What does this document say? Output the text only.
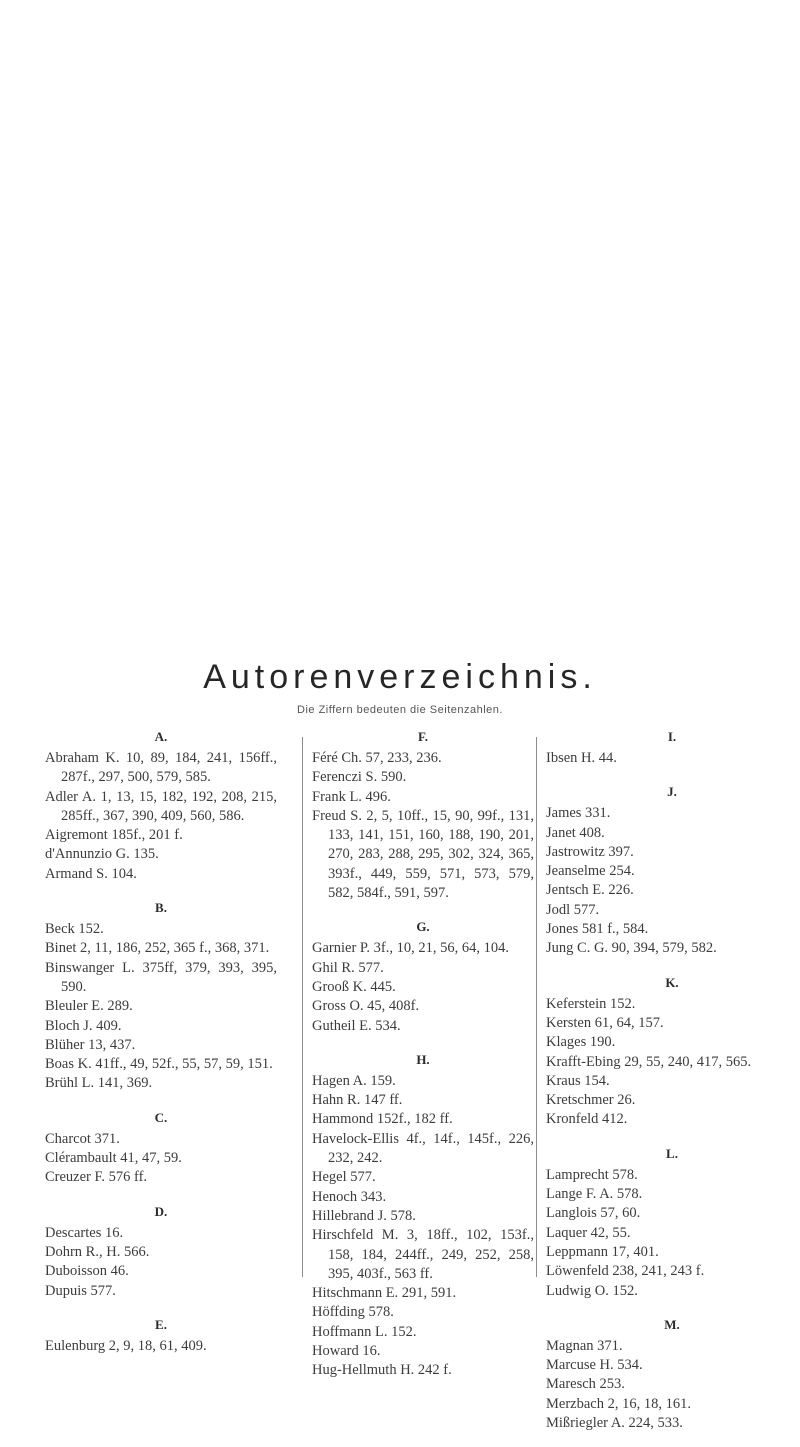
Autorenverzeichnis.
Die Ziffern bedeuten die Seitenzahlen.
A.
Abraham K. 10, 89, 184, 241, 156ff., 287f., 297, 500, 579, 585.
Adler A. 1, 13, 15, 182, 192, 208, 215, 285ff., 367, 390, 409, 560, 586.
Aigremont 185f., 201 f.
d'Annunzio G. 135.
Armand S. 104.
B.
Beck 152.
Binet 2, 11, 186, 252, 365 f., 368, 371.
Binswanger L. 375ff, 379, 393, 395, 590.
Bleuler E. 289.
Bloch J. 409.
Blüher 13, 437.
Boas K. 41ff., 49, 52f., 55, 57, 59, 151.
Brühl L. 141, 369.
C.
Charcot 371.
Clérambault 41, 47, 59.
Creuzer F. 576 ff.
D.
Descartes 16.
Dohrn R., H. 566.
Duboisson 46.
Dupuis 577.
E.
Eulenburg 2, 9, 18, 61, 409.
F.
Féré Ch. 57, 233, 236.
Ferenczi S. 590.
Frank L. 496.
Freud S. 2, 5, 10ff., 15, 90, 99f., 131, 133, 141, 151, 160, 188, 190, 201, 270, 283, 288, 295, 302, 324, 365, 393f., 449, 559, 571, 573, 579, 582, 584f., 591, 597.
G.
Garnier P. 3f., 10, 21, 56, 64, 104.
Ghil R. 577.
Grooß K. 445.
Gross O. 45, 408f.
Gutheil E. 534.
H.
Hagen A. 159.
Hahn R. 147 ff.
Hammond 152f., 182 ff.
Havelock-Ellis 4f., 14f., 145f., 226, 232, 242.
Hegel 577.
Henoch 343.
Hillebrand J. 578.
Hirschfeld M. 3, 18ff., 102, 153f., 158, 184, 244ff., 249, 252, 258, 395, 403f., 563 ff.
Hitschmann E. 291, 591.
Höffding 578.
Hoffmann L. 152.
Howard 16.
Hug-Hellmuth H. 242 f.
I.
Ibsen H. 44.
J.
James 331.
Janet 408.
Jastrowitz 397.
Jeanselme 254.
Jentsch E. 226.
Jodl 577.
Jones 581 f., 584.
Jung C. G. 90, 394, 579, 582.
K.
Keferstein 152.
Kersten 61, 64, 157.
Klages 190.
Krafft-Ebing 29, 55, 240, 417, 565.
Kraus 154.
Kretschmer 26.
Kronfeld 412.
L.
Lamprecht 578.
Lange F. A. 578.
Langlois 57, 60.
Laquer 42, 55.
Leppmann 17, 401.
Löwenfeld 238, 241, 243 f.
Ludwig O. 152.
M.
Magnan 371.
Marcuse H. 534.
Maresch 253.
Merzbach 2, 16, 18, 161.
Mißriegler A. 224, 533.
